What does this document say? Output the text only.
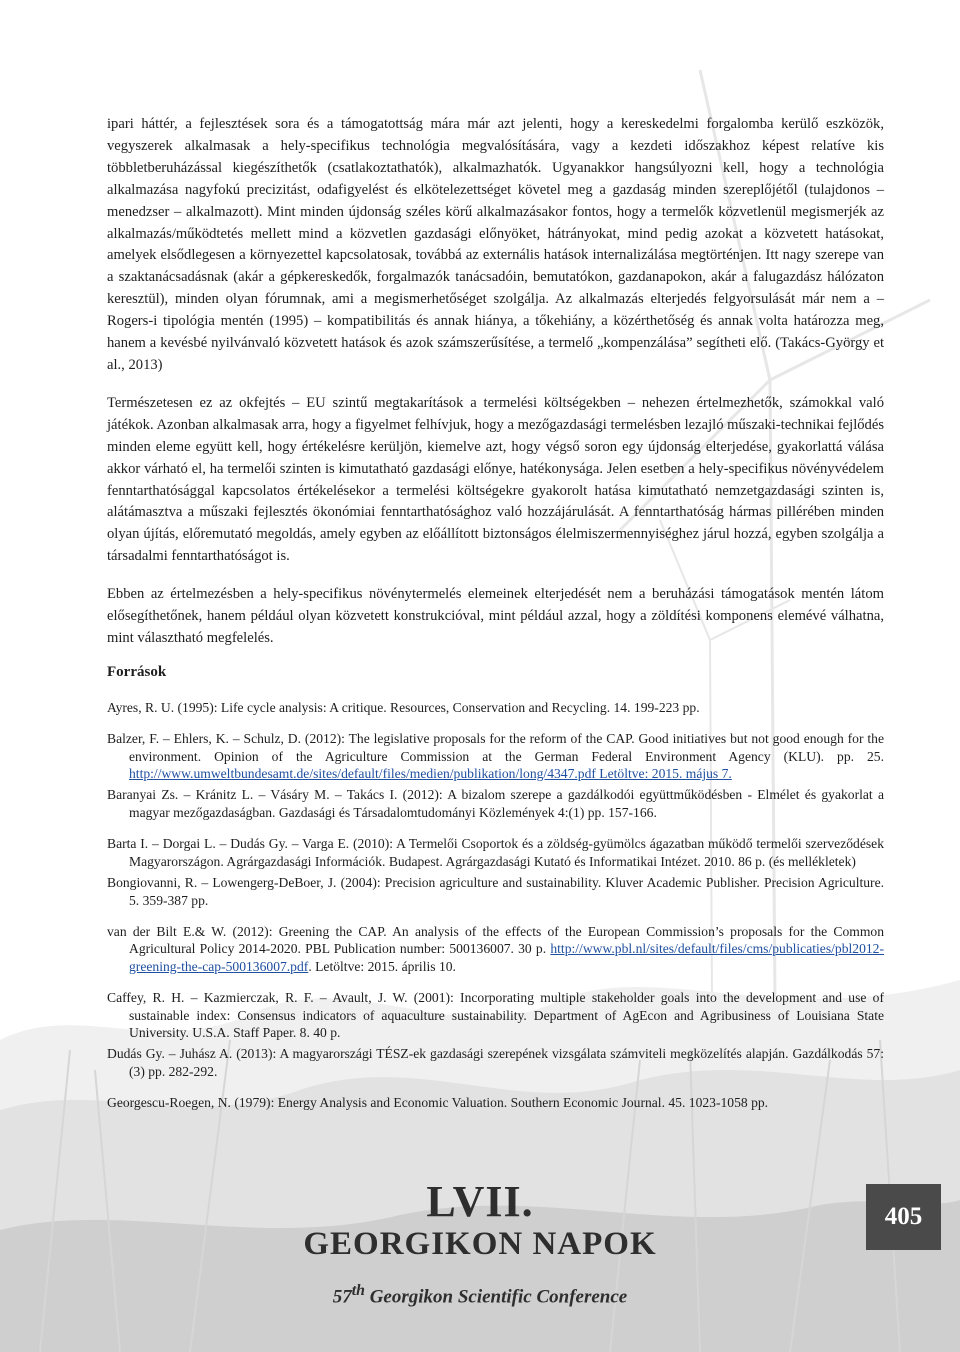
ipari háttér, a fejlesztések sora és a támogatottság mára már azt jelenti, hogy a kereskedelmi forgalomba kerülő eszközök, vegyszerek alkalmasak a hely-specifikus technológia megvalósítására, vagy a kezdeti időszakhoz képest relatíve kis többletberuházással kiegészíthetők (csatlakoztathatók), alkalmazhatók. Ugyanakkor hangsúlyozni kell, hogy a technológia alkalmazása nagyfokú precizitást, odafigyelést és elkötelezettséget követel meg a gazdaság minden szereplőjétől (tulajdonos – menedzser – alkalmazott). Mint minden újdonság széles körű alkalmazásakor fontos, hogy a termelők közvetlenül megismerjék az alkalmazás/működtetés mellett mind a közvetlen gazdasági előnyöket, hátrányokat, mind pedig azokat a közvetett hatásokat, amelyek elsődlegesen a környezettel kapcsolatosak, továbbá az externális hatások internalizálása megtörténjen. Itt nagy szerepe van a szaktanácsadásnak (akár a gépkereskedők, forgalmazók tanácsadóin, bemutatókon, gazdanapokon, akár a falugazdász hálózaton keresztül), minden olyan fórumnak, ami a megismerhetőséget szolgálja. Az alkalmazás elterjedés felgyorsulását már nem a – Rogers-i tipológia mentén (1995) – kompatibilitás és annak hiánya, a tőkehiány, a közérthetőség és annak volta határozza meg, hanem a kevésbé nyilvánvaló közvetett hatások és azok számszerűsítése, a termelő „kompenzálása” segítheti elő. (Takács-György et al., 2013)

Természetesen ez az okfejtés – EU szintű megtakarítások a termelési költségekben – nehezen értelmezhetők, számokkal való játékok. Azonban alkalmasak arra, hogy a figyelmet felhívjuk, hogy a mezőgazdasági termelésben lezajló műszaki-technikai fejlődés minden eleme együtt kell, hogy értékelésre kerüljön, kiemelve azt, hogy végső soron egy újdonság elterjedése, gyakorlattá válása akkor várható el, ha termelői szinten is kimutatható gazdasági előnye, hatékonysága. Jelen esetben a hely-specifikus növényvédelem fenntarthatósággal kapcsolatos értékelésekor a termelési költségekre gyakorolt hatása kimutatható nemzetgazdasági szinten is, alátámasztva a műszaki fejlesztés ökonómiai fenntarthatósághoz való hozzájárulását. A fenntarthatóság hármas pillérében minden olyan újítás, előremutató megoldás, amely egyben az előállított biztonságos élelmiszermennyiséghez járul hozzá, egyben szolgálja a társadalmi fenntarthatóságot is.

Ebben az értelmezésben a hely-specifikus növénytermelés elemeinek elterjedését nem a beruházási támogatások mentén látom elősegíthetőnek, hanem például olyan közvetett konstrukcióval, mint például azzal, hogy a zöldítési komponens elemévé válhatna, mint választható megfelelés.

Források
Ayres, R. U. (1995): Life cycle analysis: A critique. Resources, Conservation and Recycling. 14. 199-223 pp.
Balzer, F. – Ehlers, K. – Schulz, D. (2012): The legislative proposals for the reform of the CAP. Good initiatives but not good enough for the environment. Opinion of the Agriculture Commission at the German Federal Environment Agency (KLU). pp. 25. http://www.umweltbundesamt.de/sites/default/files/medien/publikation/long/4347.pdf Letöltve: 2015. május 7.
Baranyai Zs. – Kránitz L. – Vásáry M. – Takács I. (2012): A bizalom szerepe a gazdálkodói együttműködésben - Elmélet és gyakorlat a magyar mezőgazdaságban. Gazdasági és Társadalomtudományi Közlemények 4:(1) pp. 157-166.
Barta I. – Dorgai L. – Dudás Gy. – Varga E. (2010): A Termelői Csoportok és a zöldség-gyümölcs ágazatban működő termelői szerveződések Magyarországon. Agrárgazdasági Információk. Budapest. Agrárgazdasági Kutató és Informatikai Intézet. 2010. 86 p. (és mellékletek)
Bongiovanni, R. – Lowengerg-DeBoer, J. (2004): Precision agriculture and sustainability. Kluver Academic Publisher. Precision Agriculture. 5. 359-387 pp.
van der Bilt E.& W. (2012): Greening the CAP. An analysis of the effects of the European Commission’s proposals for the Common Agricultural Policy 2014-2020. PBL Publication number: 500136007. 30 p. http://www.pbl.nl/sites/default/files/cms/publicaties/pbl2012-greening-the-cap-500136007.pdf. Letöltve: 2015. április 10.
Caffey, R. H. – Kazmierczak, R. F. – Avault, J. W. (2001): Incorporating multiple stakeholder goals into the development and use of sustainable index: Consensus indicators of aquaculture sustainability. Department of AgEcon and Agribusiness of Louisiana State University. U.S.A. Staff Paper. 8. 40 p.
Dudás Gy. – Juhász A. (2013): A magyarországi TÉSZ-ek gazdasági szerepének vizsgálata számviteli megközelítés alapján. Gazdálkodás 57:(3) pp. 282-292.
Georgescu-Roegen, N. (1979): Energy Analysis and Economic Valuation. Southern Economic Journal. 45. 1023-1058 pp.
LVII.
GEORGIKON NAPOK
57th Georgikon Scientific Conference
405
